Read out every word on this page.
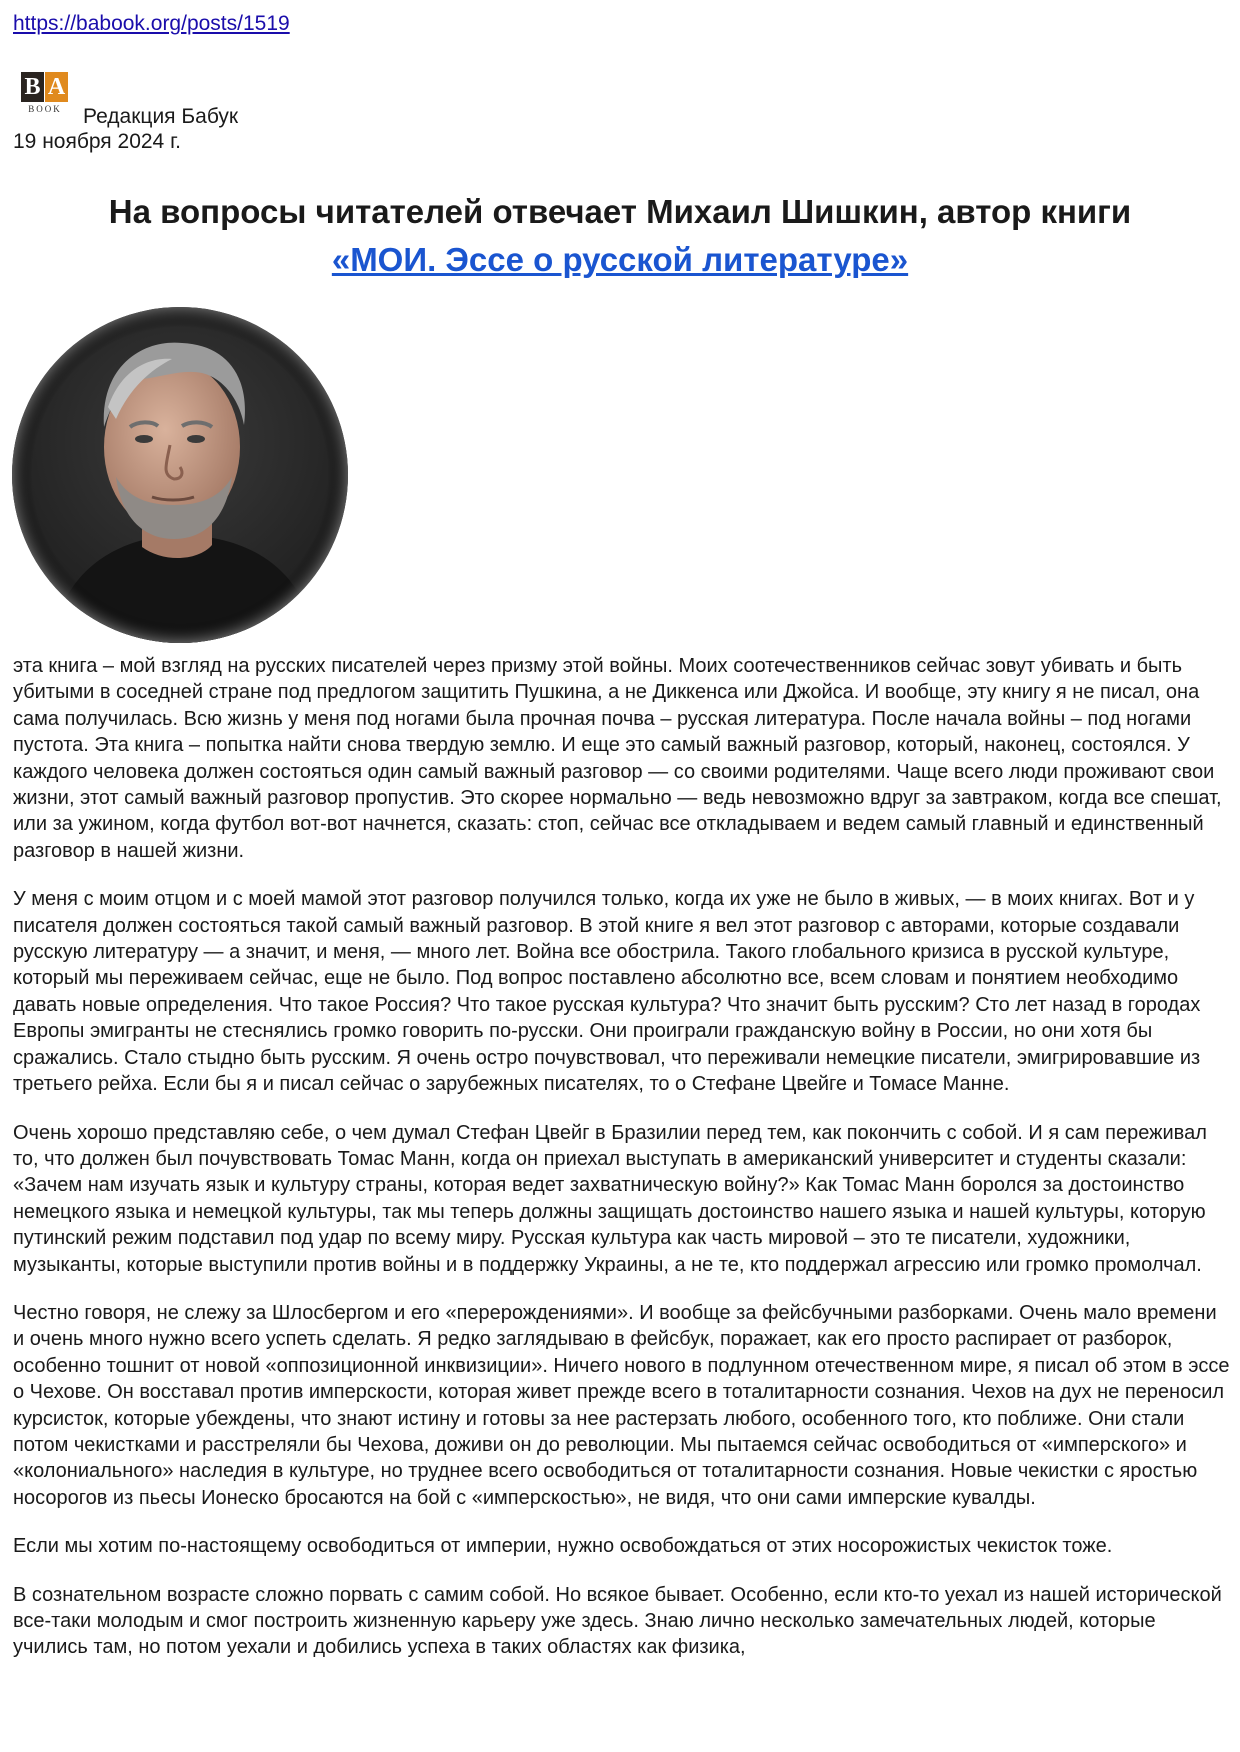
https://babook.org/posts/1519
B A
BOOK	Редакция Бабук
19 ноября 2024 г.
На вопросы читателей отвечает Михаил Шишкин, автор книги
«МОИ. Эссе о русской литературе»

эта книга – мой взгляд на русских писателей через призму этой войны. Моих соотечественников сейчас зовут убивать и быть убитыми в соседней стране под предлогом защитить Пушкина, а не Диккенса или Джойса. И вообще, эту книгу я не писал, она сама получилась. Всю жизнь у меня под ногами была прочная почва – русская литература. После начала войны – под ногами пустота. Эта книга – попытка найти снова твердую землю. И еще это самый важный разговор, который, наконец, состоялся. У каждого человека должен состояться один самый важный разговор — со своими родителями. Чаще всего люди проживают свои жизни, этот самый важный разговор пропустив. Это скорее нормально — ведь невозможно вдруг за завтраком, когда все спешат, или за ужином, когда футбол вот-вот начнется, сказать: стоп, сейчас все откладываем и ведем самый главный и единственный разговор в нашей жизни.

У меня с моим отцом и с моей мамой этот разговор получился только, когда их уже не было в живых, — в моих книгах. Вот и у писателя должен состояться такой самый важный разговор. В этой книге я вел этот разговор с авторами, которые создавали русскую литературу — а значит, и меня, — много лет. Война все обострила. Такого глобального кризиса в русской культуре, который мы переживаем сейчас, еще не было. Под вопрос поставлено абсолютно все, всем словам и понятием необходимо давать новые определения. Что такое Россия? Что такое русская культура? Что значит быть русским? Сто лет назад в городах Европы эмигранты не стеснялись громко говорить по-русски. Они проиграли гражданскую войну в России, но они хотя бы сражались. Стало стыдно быть русским. Я очень остро почувствовал, что переживали немецкие писатели, эмигрировавшие из третьего рейха. Если бы я и писал сейчас о зарубежных писателях, то о Стефане Цвейге и Томасе Манне.

Очень хорошо представляю себе, о чем думал Стефан Цвейг в Бразилии перед тем, как покончить с собой. И я сам переживал то, что должен был почувствовать Томас Манн, когда он приехал выступать в американский университет и студенты сказали: «Зачем нам изучать язык и культуру страны, которая ведет захватническую войну?» Как Томас Манн боролся за достоинство немецкого языка и немецкой культуры, так мы теперь должны защищать достоинство нашего языка и нашей культуры, которую путинский режим подставил под удар по всему миру. Русская культура как часть мировой – это те писатели, художники, музыканты, которые выступили против войны и в поддержку Украины, а не те, кто поддержал агрессию или громко промолчал.

Честно говоря, не слежу за Шлосбергом и его «перерождениями». И вообще за фейсбучными разборками. Очень мало времени и очень много нужно всего успеть сделать. Я редко заглядываю в фейсбук, поражает, как его просто распирает от разборок, особенно тошнит от новой «оппозиционной инквизиции». Ничего нового в подлунном отечественном мире, я писал об этом в эссе о Чехове. Он восставал против имперскости, которая живет прежде всего в тоталитарности сознания. Чехов на дух не переносил курсисток, которые убеждены, что знают истину и готовы за нее растерзать любого, особенного того, кто поближе. Они стали потом чекистками и расстреляли бы Чехова, доживи он до революции. Мы пытаемся сейчас освободиться от «имперского» и «колониального» наследия в культуре, но труднее всего освободиться от тоталитарности сознания. Новые чекистки с яростью носорогов из пьесы Ионеско бросаются на бой с «имперскостью», не видя, что они сами имперские кувалды.

Если мы хотим по-настоящему освободиться от империи, нужно освобождаться от этих носорожистых чекисток тоже.

В сознательном возрасте сложно порвать с самим собой. Но всякое бывает. Особенно, если кто-то уехал из нашей исторической все-таки молодым и смог построить жизненную карьеру уже здесь. Знаю лично несколько замечательных людей, которые учились там, но потом уехали и добились успеха в таких областях как физика,
